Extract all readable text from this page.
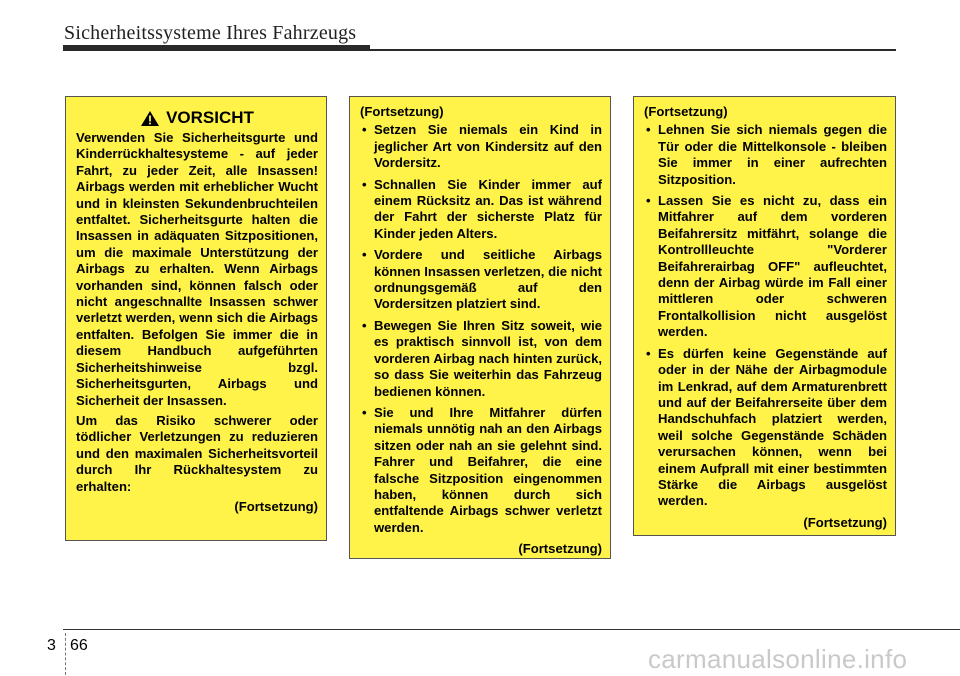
Sicherheitssysteme Ihres Fahrzeugs
VORSICHT

Verwenden Sie Sicherheitsgurte und Kinderrückhaltesysteme - auf jeder Fahrt, zu jeder Zeit, alle Insassen! Airbags werden mit erheblicher Wucht und in kleinsten Sekundenbruchteilen entfaltet. Sicherheitsgurte halten die Insassen in adäquaten Sitzpositionen, um die maximale Unterstützung der Airbags zu erhalten. Wenn Airbags vorhanden sind, können falsch oder nicht angeschnallte Insassen schwer verletzt werden, wenn sich die Airbags entfalten. Befolgen Sie immer die in diesem Handbuch aufgeführten Sicherheitshinweise bzgl. Sicherheitsgurten, Airbags und Sicherheit der Insassen.

Um das Risiko schwerer oder tödlicher Verletzungen zu reduzieren und den maximalen Sicherheitsvorteil durch Ihr Rückhaltesystem zu erhalten:

(Fortsetzung)
(Fortsetzung)
• Setzen Sie niemals ein Kind in jeglicher Art von Kindersitz auf den Vordersitz.
• Schnallen Sie Kinder immer auf einem Rücksitz an. Das ist während der Fahrt der sicherste Platz für Kinder jeden Alters.
• Vordere und seitliche Airbags können Insassen verletzen, die nicht ordnungsgemäß auf den Vordersitzen platziert sind.
• Bewegen Sie Ihren Sitz soweit, wie es praktisch sinnvoll ist, von dem vorderen Airbag nach hinten zurück, so dass Sie weiterhin das Fahrzeug bedienen können.
• Sie und Ihre Mitfahrer dürfen niemals unnötig nah an den Airbags sitzen oder nah an sie gelehnt sind. Fahrer und Beifahrer, die eine falsche Sitzposition eingenommen haben, können durch sich entfaltende Airbags schwer verletzt werden.
(Fortsetzung)
(Fortsetzung)
• Lehnen Sie sich niemals gegen die Tür oder die Mittelkonsole - bleiben Sie immer in einer aufrechten Sitzposition.
• Lassen Sie es nicht zu, dass ein Mitfahrer auf dem vorderen Beifahrersitz mitfährt, solange die Kontrollleuchte "Vorderer Beifahrerairbag OFF" aufleuchtet, denn der Airbag würde im Fall einer mittleren oder schweren Frontalkollision nicht ausgelöst werden.
• Es dürfen keine Gegenstände auf oder in der Nähe der Airbagmodule im Lenkrad, auf dem Armaturenbrett und auf der Beifahrerseite über dem Handschuhfach platziert werden, weil solche Gegenstände Schäden verursachen können, wenn bei einem Aufprall mit einer bestimmten Stärke die Airbags ausgelöst werden.
(Fortsetzung)
3 66	carmanualsonline.info
